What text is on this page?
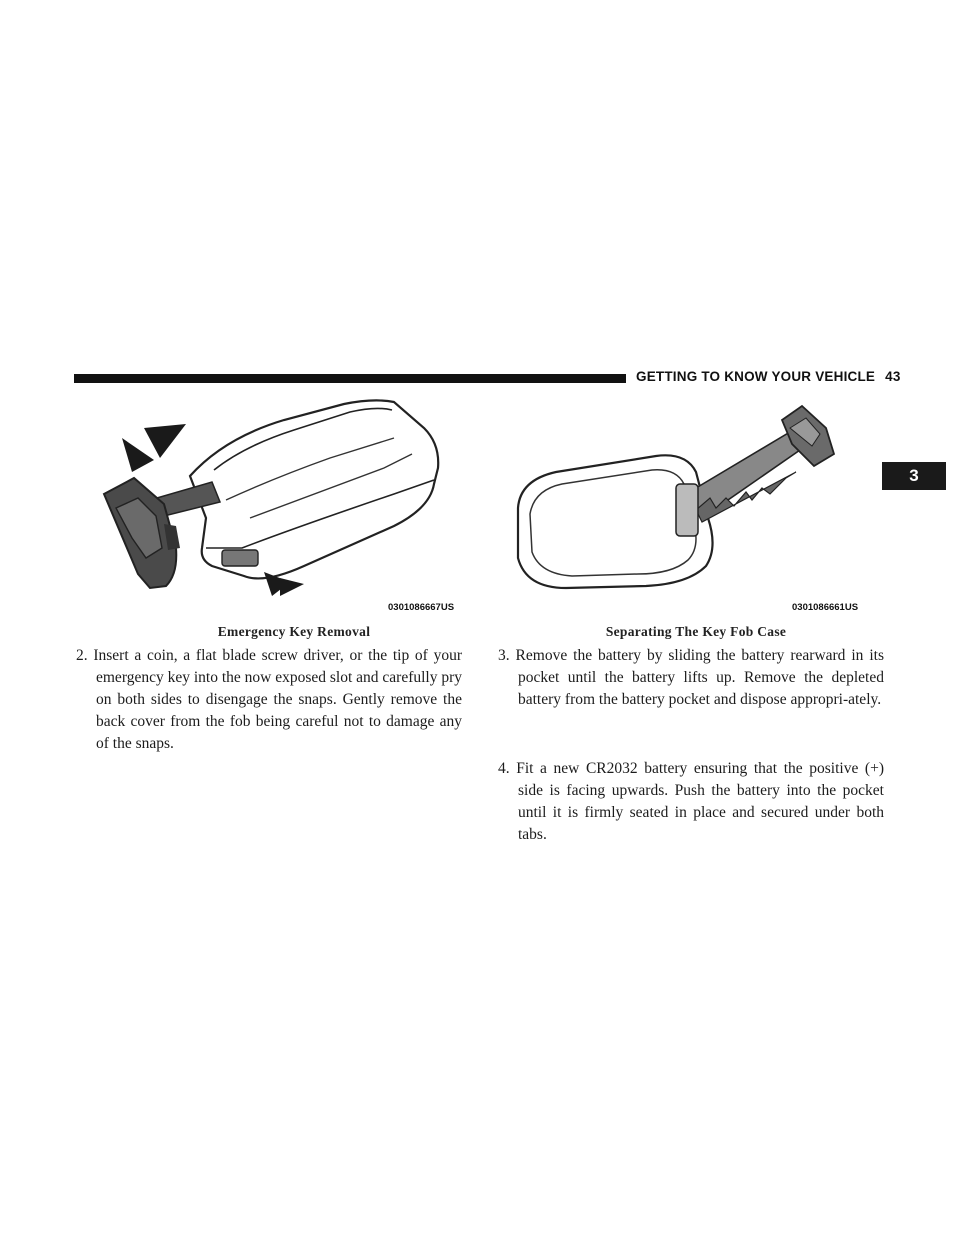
GETTING TO KNOW YOUR VEHICLE 43
3
0301086667US
Emergency Key Removal
0301086661US
Separating The Key Fob Case
2. Insert a coin, a flat blade screw driver, or the tip of your emergency key into the now exposed slot and carefully pry on both sides to disengage the snaps. Gently remove the back cover from the fob being careful not to damage any of the snaps.
3. Remove the battery by sliding the battery rearward in its pocket until the battery lifts up. Remove the depleted battery from the battery pocket and dispose appropri-ately.
4. Fit a new CR2032 battery ensuring that the positive (+) side is facing upwards. Push the battery into the pocket until it is firmly seated in place and secured under both tabs.
